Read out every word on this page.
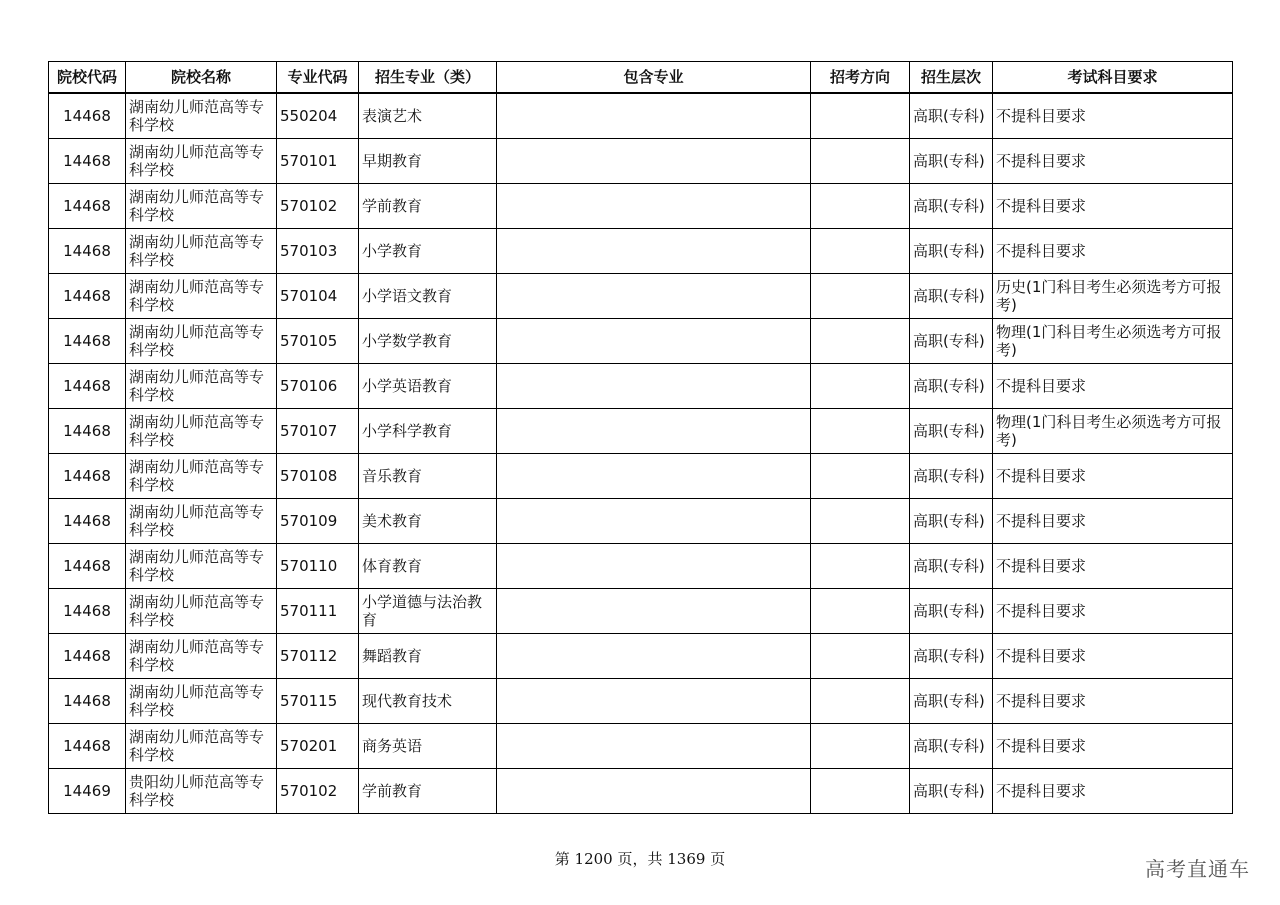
院校代码	院校名称	专业代码	招生专业（类）	包含专业	招考方向	招生层次	考试科目要求
14468	湖南幼儿师范高等专科学校	550204	表演艺术			高职(专科)	不提科目要求
14468	湖南幼儿师范高等专科学校	570101	早期教育			高职(专科)	不提科目要求
14468	湖南幼儿师范高等专科学校	570102	学前教育			高职(专科)	不提科目要求
14468	湖南幼儿师范高等专科学校	570103	小学教育			高职(专科)	不提科目要求
14468	湖南幼儿师范高等专科学校	570104	小学语文教育			高职(专科)	历史(1门科目考生必须选考方可报考)
14468	湖南幼儿师范高等专科学校	570105	小学数学教育			高职(专科)	物理(1门科目考生必须选考方可报考)
14468	湖南幼儿师范高等专科学校	570106	小学英语教育			高职(专科)	不提科目要求
14468	湖南幼儿师范高等专科学校	570107	小学科学教育			高职(专科)	物理(1门科目考生必须选考方可报考)
14468	湖南幼儿师范高等专科学校	570108	音乐教育			高职(专科)	不提科目要求
14468	湖南幼儿师范高等专科学校	570109	美术教育			高职(专科)	不提科目要求
14468	湖南幼儿师范高等专科学校	570110	体育教育			高职(专科)	不提科目要求
14468	湖南幼儿师范高等专科学校	570111	小学道德与法治教育			高职(专科)	不提科目要求
14468	湖南幼儿师范高等专科学校	570112	舞蹈教育			高职(专科)	不提科目要求
14468	湖南幼儿师范高等专科学校	570115	现代教育技术			高职(专科)	不提科目要求
14468	湖南幼儿师范高等专科学校	570201	商务英语			高职(专科)	不提科目要求
14469	贵阳幼儿师范高等专科学校	570102	学前教育			高职(专科)	不提科目要求
第 1200 页，共 1369 页	高考直通车
